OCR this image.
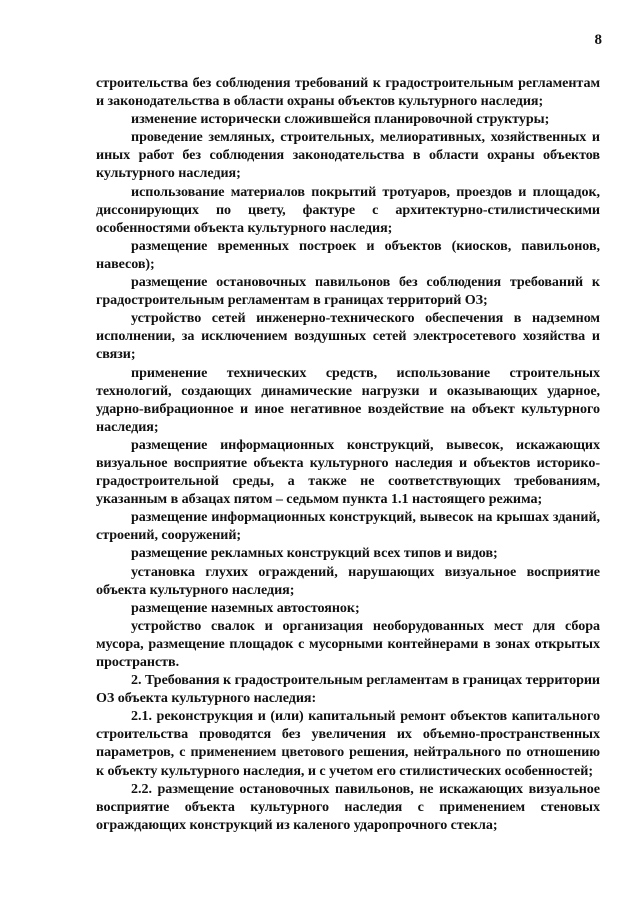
8

строительства без соблюдения требований к градостроительным регламентам и законодательства в области охраны объектов культурного наследия;

изменение исторически сложившейся планировочной структуры;

проведение земляных, строительных, мелиоративных, хозяйственных и иных работ без соблюдения законодательства в области охраны объектов культурного наследия;

использование материалов покрытий тротуаров, проездов и площадок, диссонирующих по цвету, фактуре с архитектурно-стилистическими особенностями объекта культурного наследия;

размещение временных построек и объектов (киосков, павильонов, навесов);

размещение остановочных павильонов без соблюдения требований к градостроительным регламентам в границах территорий ОЗ;

устройство сетей инженерно-технического обеспечения в надземном исполнении, за исключением воздушных сетей электросетевого хозяйства и связи;

применение технических средств, использование строительных технологий, создающих динамические нагрузки и оказывающих ударное, ударно-вибрационное и иное негативное воздействие на объект культурного наследия;

размещение информационных конструкций, вывесок, искажающих визуальное восприятие объекта культурного наследия и объектов историко-градостроительной среды, а также не соответствующих требованиям, указанным в абзацах пятом – седьмом пункта 1.1 настоящего режима;

размещение информационных конструкций, вывесок на крышах зданий, строений, сооружений;

размещение рекламных конструкций всех типов и видов;

установка глухих ограждений, нарушающих визуальное восприятие объекта культурного наследия;

размещение наземных автостоянок;

устройство свалок и организация необорудованных мест для сбора мусора, размещение площадок с мусорными контейнерами в зонах открытых пространств.

2. Требования к градостроительным регламентам в границах территории ОЗ объекта культурного наследия:

2.1. реконструкция и (или) капитальный ремонт объектов капитального строительства проводятся без увеличения их объемно-пространственных параметров, с применением цветового решения, нейтрального по отношению к объекту культурного наследия, и с учетом его стилистических особенностей;

2.2. размещение остановочных павильонов, не искажающих визуальное восприятие объекта культурного наследия с применением стеновых ограждающих конструкций из каленого ударопрочного стекла;
